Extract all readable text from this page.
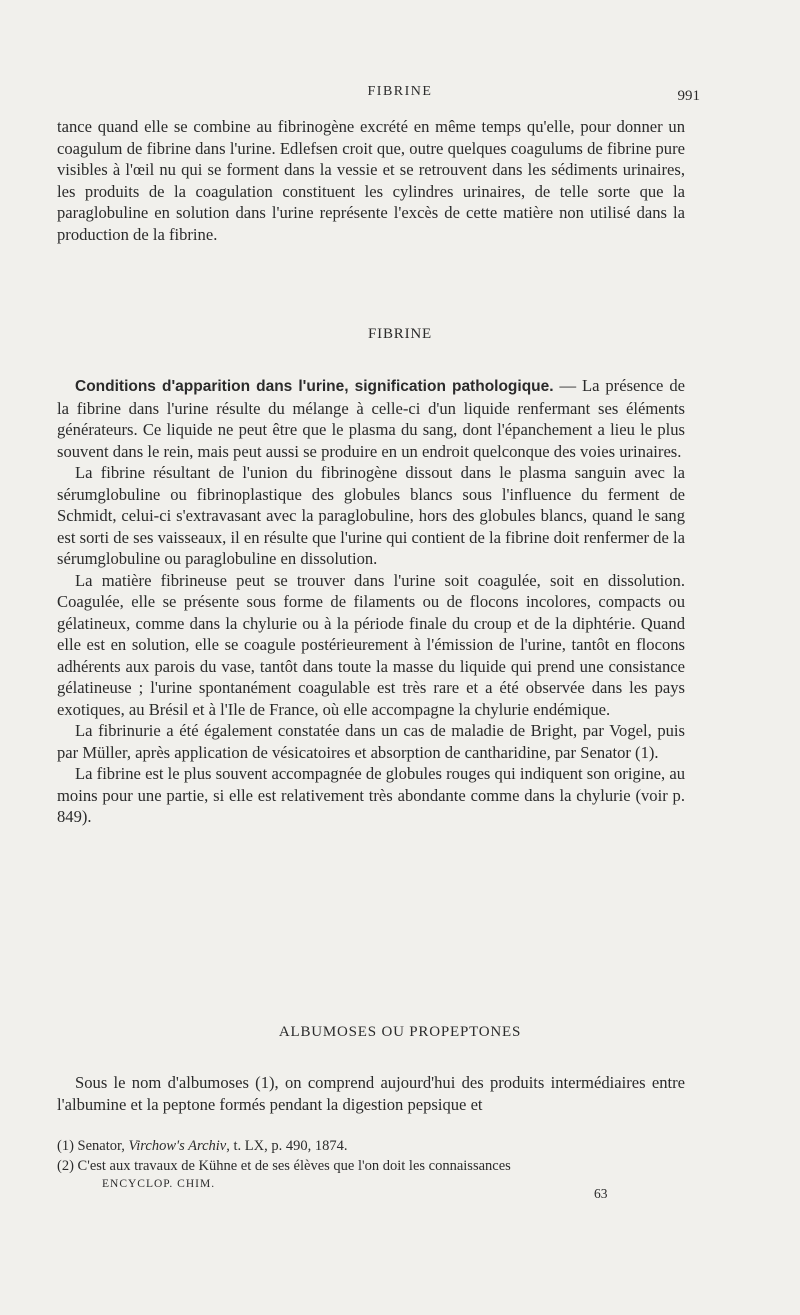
FIBRINE	991

tance quand elle se combine au fibrinogène excrété en même temps qu'elle, pour donner un coagulum de fibrine dans l'urine. Edlefsen croit que, outre quelques coagulums de fibrine pure visibles à l'œil nu qui se forment dans la vessie et se retrouvent dans les sédiments urinaires, les produits de la coagulation constituent les cylindres urinaires, de telle sorte que la paraglobuline en solution dans l'urine représente l'excès de cette matière non utilisé dans la production de la fibrine.

FIBRINE

Conditions d'apparition dans l'urine, signification pathologique. — La présence de la fibrine dans l'urine résulte du mélange à celle-ci d'un liquide renfermant ses éléments générateurs. Ce liquide ne peut être que le plasma du sang, dont l'épanchement a lieu le plus souvent dans le rein, mais peut aussi se produire en un endroit quelconque des voies urinaires.

La fibrine résultant de l'union du fibrinogène dissout dans le plasma sanguin avec la sérumglobuline ou fibrinoplastique des globules blancs sous l'influence du ferment de Schmidt, celui-ci s'extravasant avec la paraglobuline, hors des globules blancs, quand le sang est sorti de ses vaisseaux, il en résulte que l'urine qui contient de la fibrine doit renfermer de la sérumglobuline ou paraglobuline en dissolution.

La matière fibrineuse peut se trouver dans l'urine soit coagulée, soit en dissolution. Coagulée, elle se présente sous forme de filaments ou de flocons incolores, compacts ou gélatineux, comme dans la chylurie ou à la période finale du croup et de la diphtérie. Quand elle est en solution, elle se coagule postérieurement à l'émission de l'urine, tantôt en flocons adhérents aux parois du vase, tantôt dans toute la masse du liquide qui prend une consistance gélatineuse ; l'urine spontanément coagulable est très rare et a été observée dans les pays exotiques, au Brésil et à l'Ile de France, où elle accompagne la chylurie endémique.

La fibrinurie a été également constatée dans un cas de maladie de Bright, par Vogel, puis par Müller, après application de vésicatoires et absorption de cantharidine, par Senator (1).

La fibrine est le plus souvent accompagnée de globules rouges qui indiquent son origine, au moins pour une partie, si elle est relativement très abondante comme dans la chylurie (voir p. 849).

ALBUMOSES OU PROPEPTONES

Sous le nom d'albumoses (1), on comprend aujourd'hui des produits intermédiaires entre l'albumine et la peptone formés pendant la digestion pepsique et

(1) Senator, Virchow's Archiv, t. LX, p. 490, 1874.

(2) C'est aux travaux de Kühne et de ses élèves que l'on doit les connaissances

ENCYCLOP. CHIM.
63
